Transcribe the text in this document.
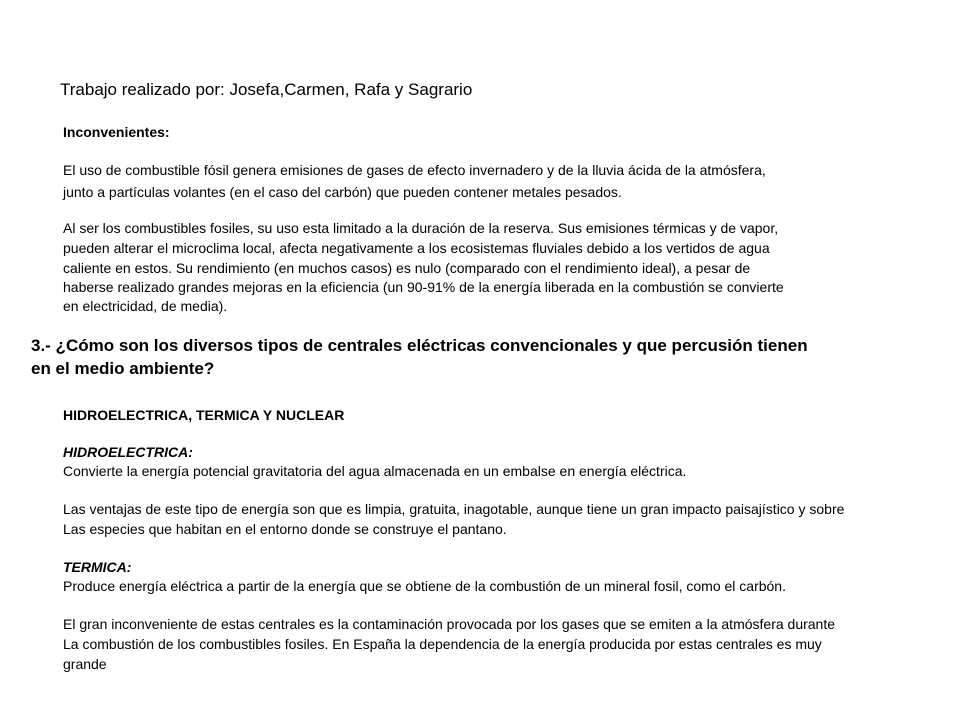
Trabajo realizado por: Josefa,Carmen, Rafa y Sagrario
Inconvenientes:
El uso de combustible fósil genera emisiones de gases de efecto invernadero y de la lluvia ácida de la atmósfera,
junto a partículas volantes (en el caso del carbón) que pueden contener metales pesados.
Al ser los combustibles fosiles, su uso esta limitado a la duración de la reserva. Sus emisiones térmicas y de vapor,
pueden alterar el microclima local, afecta negativamente a los ecosistemas fluviales debido a los vertidos de agua
caliente en estos. Su rendimiento (en muchos casos) es nulo (comparado con el rendimiento ideal), a pesar de
haberse realizado grandes mejoras en la eficiencia (un 90-91% de la energía liberada en la combustión se convierte
en electricidad, de media).
3.- ¿Cómo son los diversos tipos de centrales eléctricas convencionales y que percusión tienen
en el medio ambiente?
HIDROELECTRICA, TERMICA Y NUCLEAR
HIDROELECTRICA:
Convierte la energía potencial gravitatoria del agua almacenada en un embalse en energía eléctrica.
Las ventajas de este tipo de energía son que es limpia, gratuita, inagotable, aunque tiene un gran impacto paisajístico y sobre
Las especies que habitan en el entorno donde se construye el pantano.
TERMICA:
Produce energía eléctrica a partir de la energía que se obtiene de la combustión de un mineral fosil, como el carbón.
El gran inconveniente de estas centrales es la contaminación provocada por los gases que se emiten a la atmósfera durante
La combustión de los combustibles fosiles. En España la dependencia de la energía producida por estas centrales es muy
grande
